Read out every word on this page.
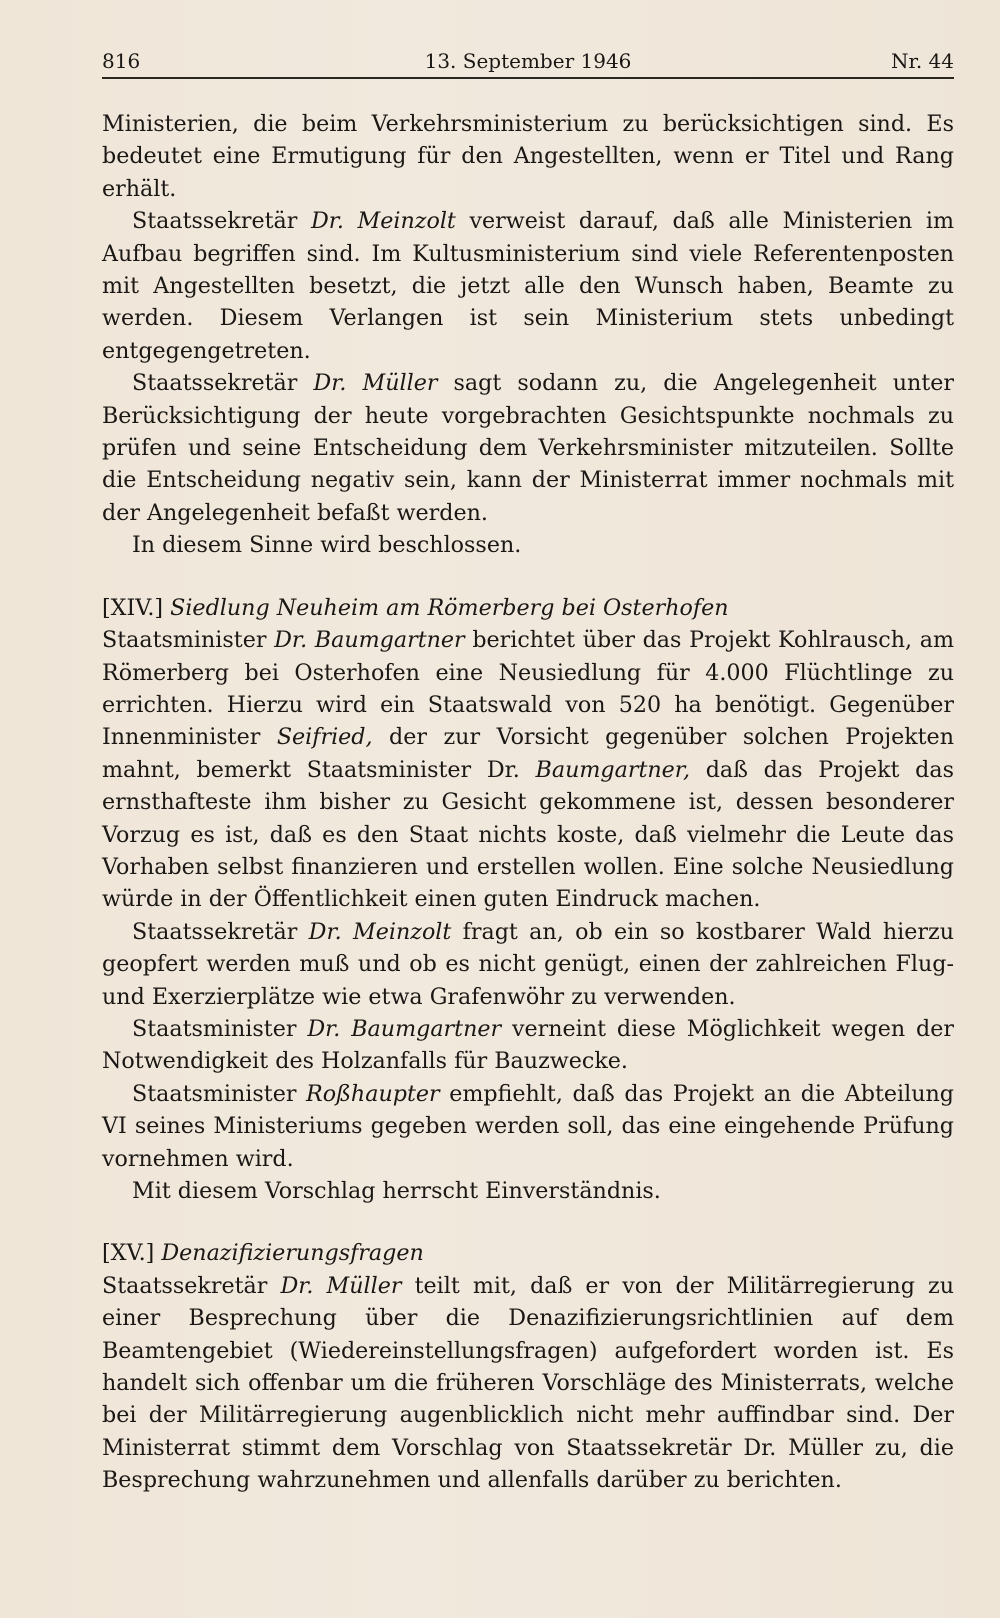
816	13. September 1946	Nr. 44

Ministerien, die beim Verkehrsministerium zu berücksichtigen sind. Es bedeutet eine Ermutigung für den Angestellten, wenn er Titel und Rang erhält.

Staatssekretär Dr. Meinzolt verweist darauf, daß alle Ministerien im Aufbau begriffen sind. Im Kultusministerium sind viele Referentenposten mit Angestellten besetzt, die jetzt alle den Wunsch haben, Beamte zu werden. Diesem Verlangen ist sein Ministerium stets unbedingt entgegengetreten.

Staatssekretär Dr. Müller sagt sodann zu, die Angelegenheit unter Berücksichtigung der heute vorgebrachten Gesichtspunkte nochmals zu prüfen und seine Entscheidung dem Verkehrsminister mitzuteilen. Sollte die Entscheidung negativ sein, kann der Ministerrat immer nochmals mit der Angelegenheit befaßt werden.

In diesem Sinne wird beschlossen.

[XIV.] Siedlung Neuheim am Römerberg bei Osterhofen

Staatsminister Dr. Baumgartner berichtet über das Projekt Kohlrausch, am Römerberg bei Osterhofen eine Neusiedlung für 4.000 Flüchtlinge zu errichten. Hierzu wird ein Staatswald von 520 ha benötigt. Gegenüber Innenminister Seifried, der zur Vorsicht gegenüber solchen Projekten mahnt, bemerkt Staatsminister Dr. Baumgartner, daß das Projekt das ernsthafteste ihm bisher zu Gesicht gekommene ist, dessen besonderer Vorzug es ist, daß es den Staat nichts koste, daß vielmehr die Leute das Vorhaben selbst finanzieren und erstellen wollen. Eine solche Neusiedlung würde in der Öffentlichkeit einen guten Eindruck machen.

Staatssekretär Dr. Meinzolt fragt an, ob ein so kostbarer Wald hierzu geopfert werden muß und ob es nicht genügt, einen der zahlreichen Flug- und Exerzierplätze wie etwa Grafenwöhr zu verwenden.

Staatsminister Dr. Baumgartner verneint diese Möglichkeit wegen der Notwendigkeit des Holzanfalls für Bauzwecke.

Staatsminister Roßhaupter empfiehlt, daß das Projekt an die Abteilung VI seines Ministeriums gegeben werden soll, das eine eingehende Prüfung vornehmen wird.

Mit diesem Vorschlag herrscht Einverständnis.

[XV.] Denazifizierungsfragen

Staatssekretär Dr. Müller teilt mit, daß er von der Militärregierung zu einer Besprechung über die Denazifizierungsrichtlinien auf dem Beamtengebiet (Wiedereinstellungsfragen) aufgefordert worden ist. Es handelt sich offenbar um die früheren Vorschläge des Ministerrats, welche bei der Militärregierung augenblicklich nicht mehr auffindbar sind. Der Ministerrat stimmt dem Vorschlag von Staatssekretär Dr. Müller zu, die Besprechung wahrzunehmen und allenfalls darüber zu berichten.
